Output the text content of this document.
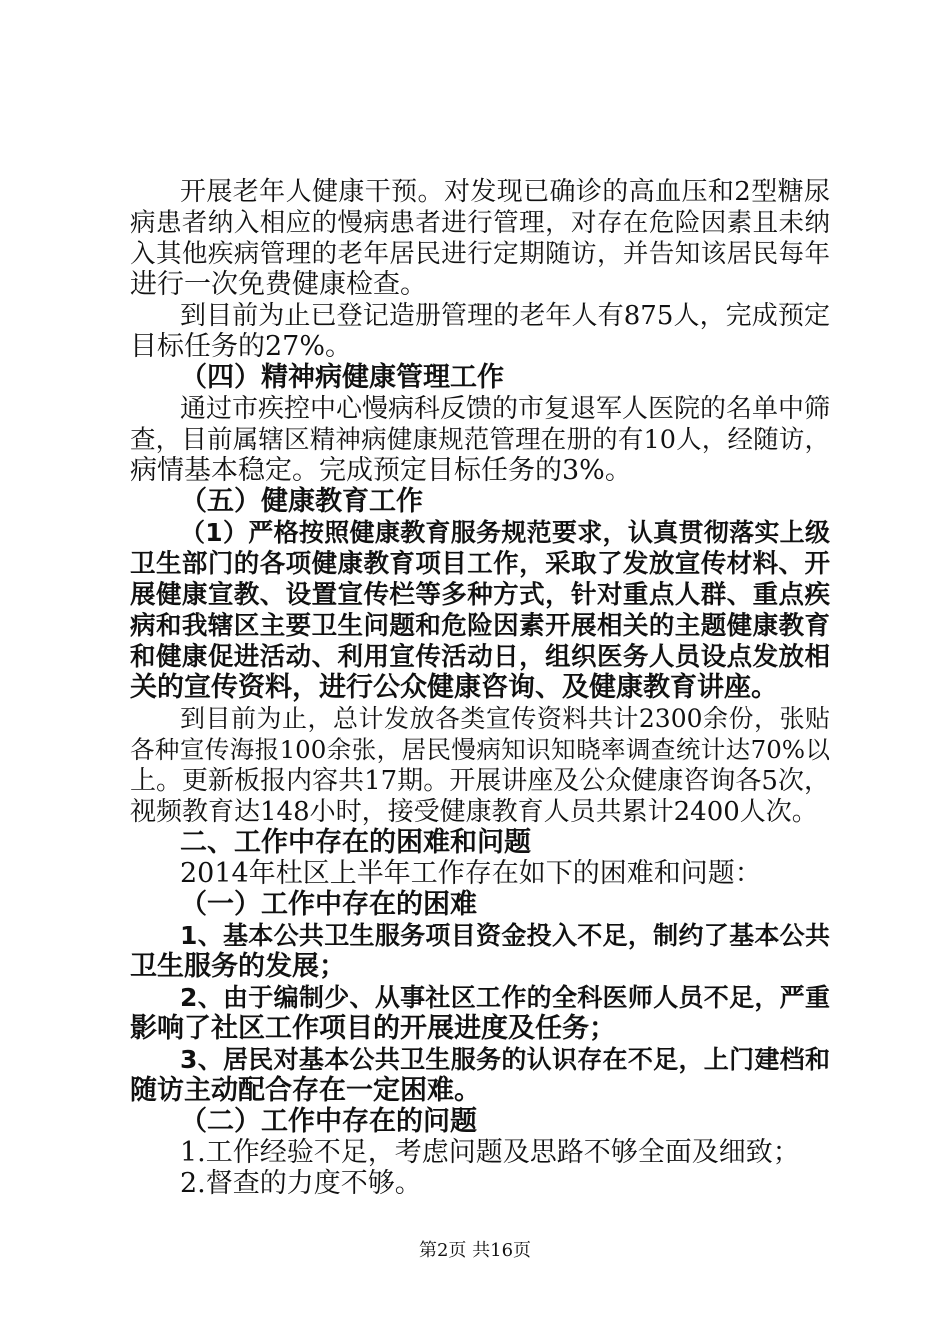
开展老年人健康干预。对发现已确诊的高血压和2型糖尿

病患者纳入相应的慢病患者进行管理，对存在危险因素且未纳

入其他疾病管理的老年居民进行定期随访，并告知该居民每年

进行一次免费健康检查。

到目前为止已登记造册管理的老年人有875人，完成预定

目标任务的27%。

（四）精神病健康管理工作

通过市疾控中心慢病科反馈的市复退军人医院的名单中筛

查，目前属辖区精神病健康规范管理在册的有10人，经随访，

病情基本稳定。完成预定目标任务的3%。

（五）健康教育工作

（1）严格按照健康教育服务规范要求，认真贯彻落实上级

卫生部门的各项健康教育项目工作，采取了发放宣传材料、开

展健康宣教、设置宣传栏等多种方式，针对重点人群、重点疾

病和我辖区主要卫生问题和危险因素开展相关的主题健康教育

和健康促进活动、利用宣传活动日，组织医务人员设点发放相

关的宣传资料，进行公众健康咨询、及健康教育讲座。

到目前为止，总计发放各类宣传资料共计2300余份，张贴

各种宣传海报100余张，居民慢病知识知晓率调查统计达70%以

上。更新板报内容共17期。开展讲座及公众健康咨询各5次，

视频教育达148小时，接受健康教育人员共累计2400人次。

二、工作中存在的困难和问题

2014年杜区上半年工作存在如下的困难和问题：

（一）工作中存在的困难

1、基本公共卫生服务项目资金投入不足，制约了基本公共

卫生服务的发展；

2、由于编制少、从事社区工作的全科医师人员不足，严重

影响了社区工作项目的开展进度及任务；

3、居民对基本公共卫生服务的认识存在不足，上门建档和

随访主动配合存在一定困难。

（二）工作中存在的问题

1.工作经验不足，考虑问题及思路不够全面及细致；

2.督查的力度不够。

第2页 共16页
